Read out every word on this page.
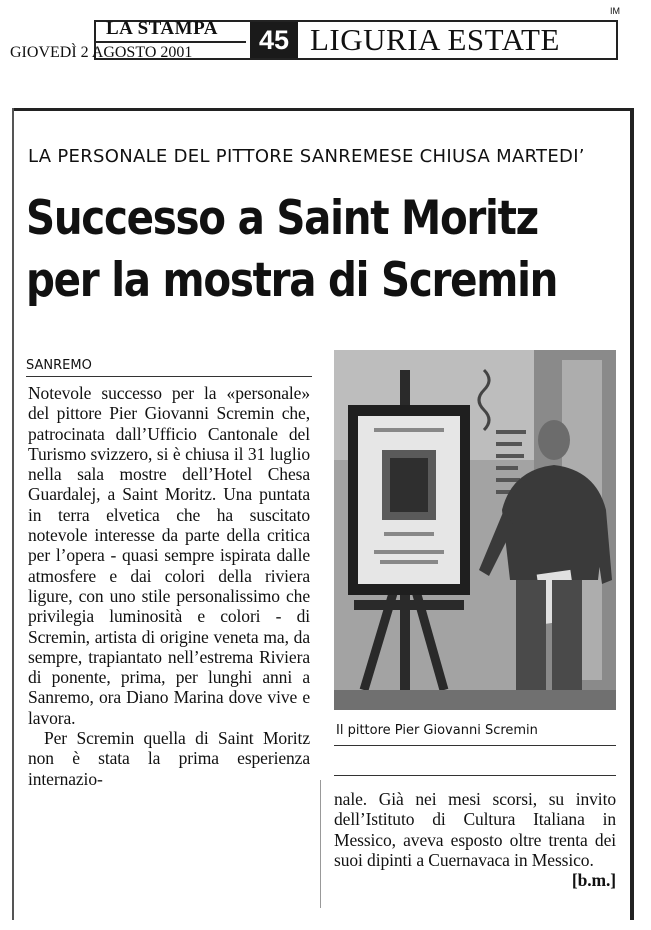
LA STAMPA
GIOVEDÌ 2 AGOSTO 2001	45 LIGURIA ESTATE
IM
LA PERSONALE DEL PITTORE SANREMESE CHIUSA MARTEDI’
Successo a Saint Moritz
per la mostra di Scremin
SANREMO

Notevole successo per la «personale» del pittore Pier Giovanni Scremin che, patrocinata dall’Ufficio Cantonale del Turismo svizzero, si è chiusa il 31 luglio nella sala mostre dell’Hotel Chesa Guardalej, a Saint Moritz. Una puntata in terra elvetica che ha suscitato notevole interesse da parte della critica per l’opera - quasi sempre ispirata dalle atmosfere e dai colori della riviera ligure, con uno stile personalissimo che privilegia luminosità e colori - di Scremin, artista di origine veneta ma, da sempre, trapiantato nell’estrema Riviera di ponente, prima, per lunghi anni a Sanremo, ora Diano Marina dove vive e lavora.

Per Scremin quella di Saint Moritz non è stata la prima esperienza internazio-

Il pittore Pier Giovanni Scremin

nale. Già nei mesi scorsi, su invito dell’Istituto di Cultura Italiana in Messico, aveva esposto oltre trenta dei suoi dipinti a Cuernavaca in Messico.
[b.m.]
